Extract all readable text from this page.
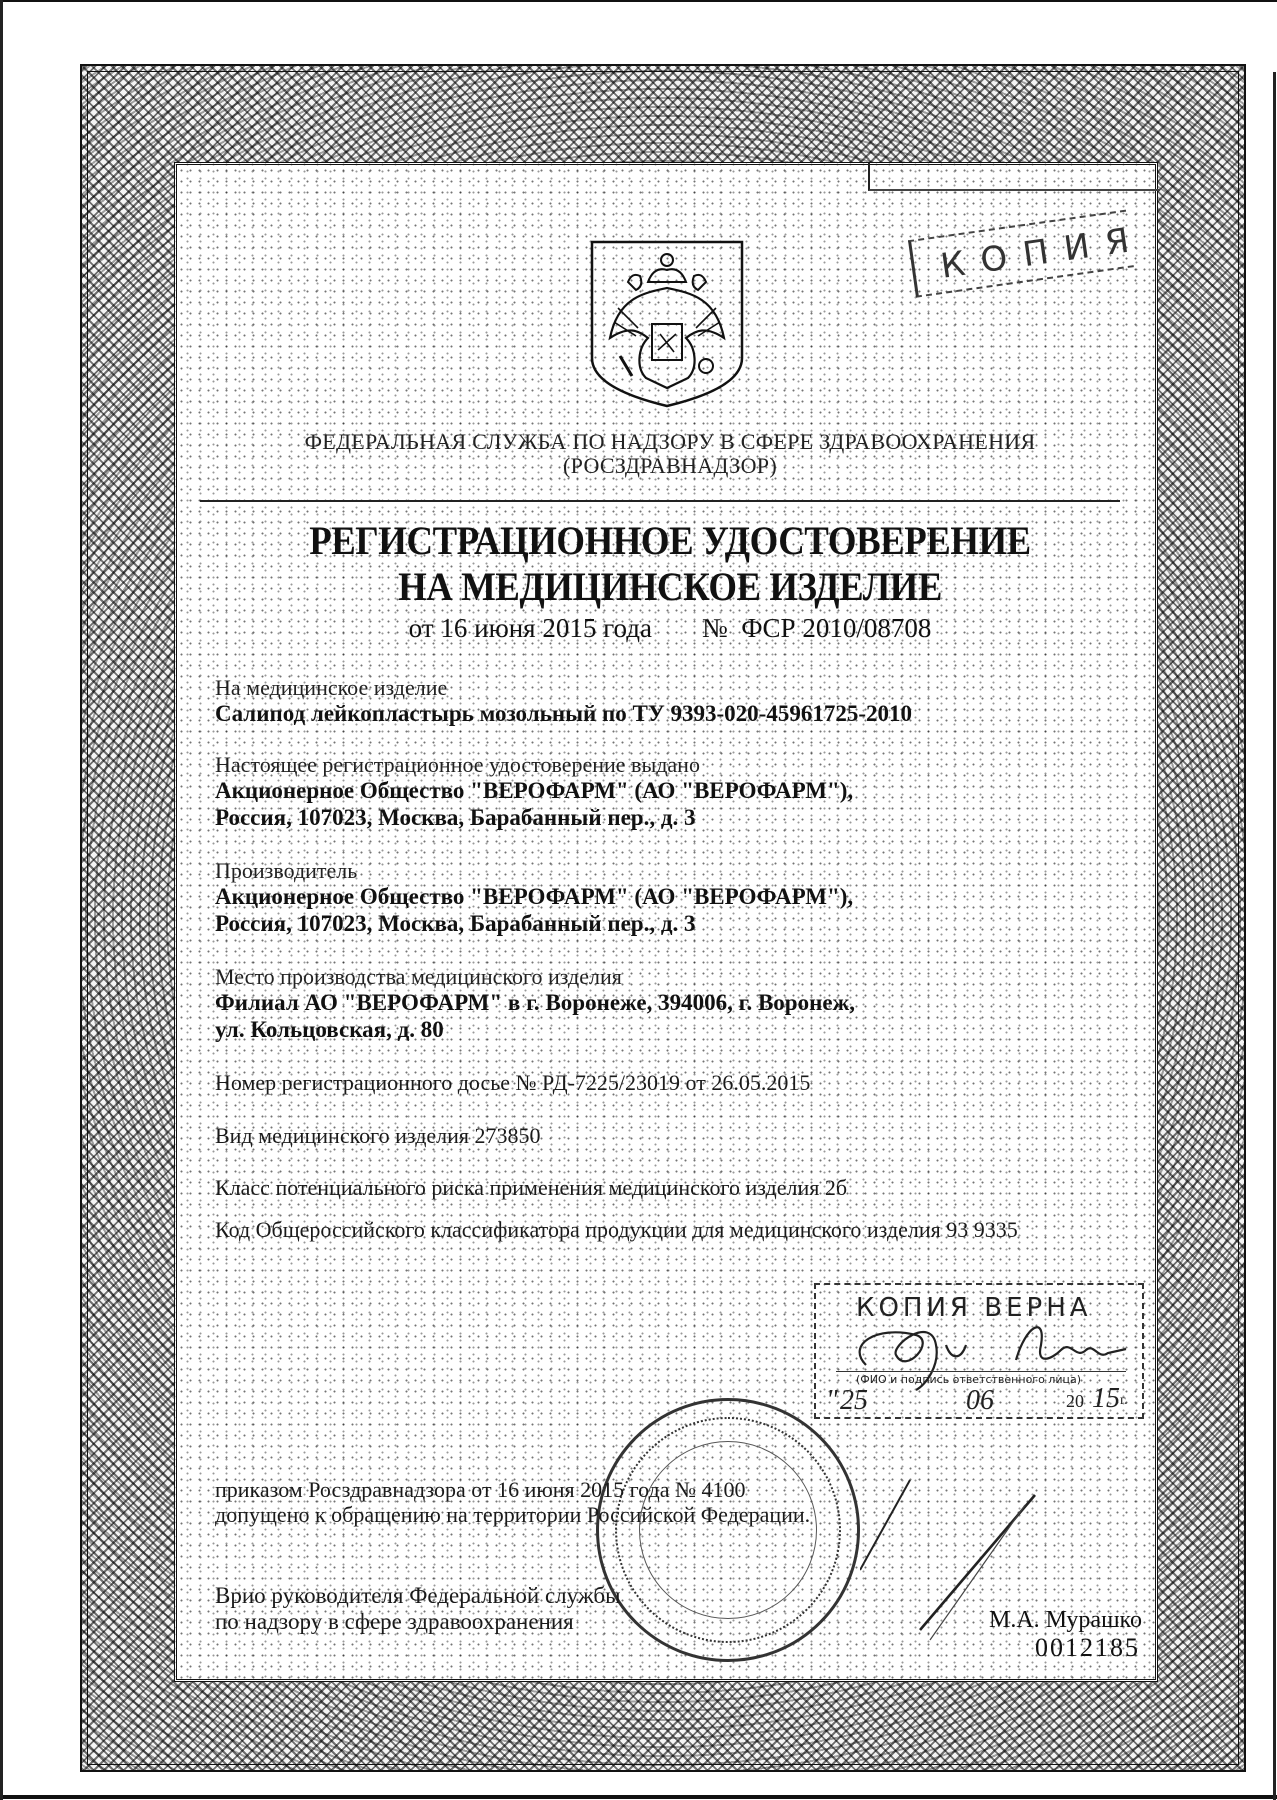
КОПИЯ
ФЕДЕРАЛЬНАЯ СЛУЖБА ПО НАДЗОРУ В СФЕРЕ ЗДРАВООХРАНЕНИЯ
(РОСЗДРАВНАДЗОР)
РЕГИСТРАЦИОННОЕ УДОСТОВЕРЕНИЕ
НА МЕДИЦИНСКОЕ ИЗДЕЛИЕ
от 16 июня 2015 года № ФСР 2010/08708
На медицинское изделие
Салипод лейкопластырь мозольный по ТУ 9393-020-45961725-2010
Настоящее регистрационное удостоверение выдано
Акционерное Общество "ВЕРОФАРМ" (АО "ВЕРОФАРМ"),
Россия, 107023, Москва, Барабанный пер., д. 3
Производитель
Акционерное Общество "ВЕРОФАРМ" (АО "ВЕРОФАРМ"),
Россия, 107023, Москва, Барабанный пер., д. 3
Место производства медицинского изделия
Филиал АО "ВЕРОФАРМ" в г. Воронеже, 394006, г. Воронеж,
ул. Кольцовская, д. 80
Номер регистрационного досье № РД-7225/23019 от 26.05.2015
Вид медицинского изделия 273850
Класс потенциального риска применения медицинского изделия 2б
Код Общероссийского классификатора продукции для медицинского изделия 93 9335
КОПИЯ ВЕРНА
(ФИО и подпись ответственного лица)
" 25	06	20 15 г.
приказом Росздравнадзора от 16 июня 2015 года № 4100
допущено к обращению на территории Российской Федерации.
Врио руководителя Федеральной службы
по надзору в сфере здравоохранения	М.А. Мурашко
0012185
